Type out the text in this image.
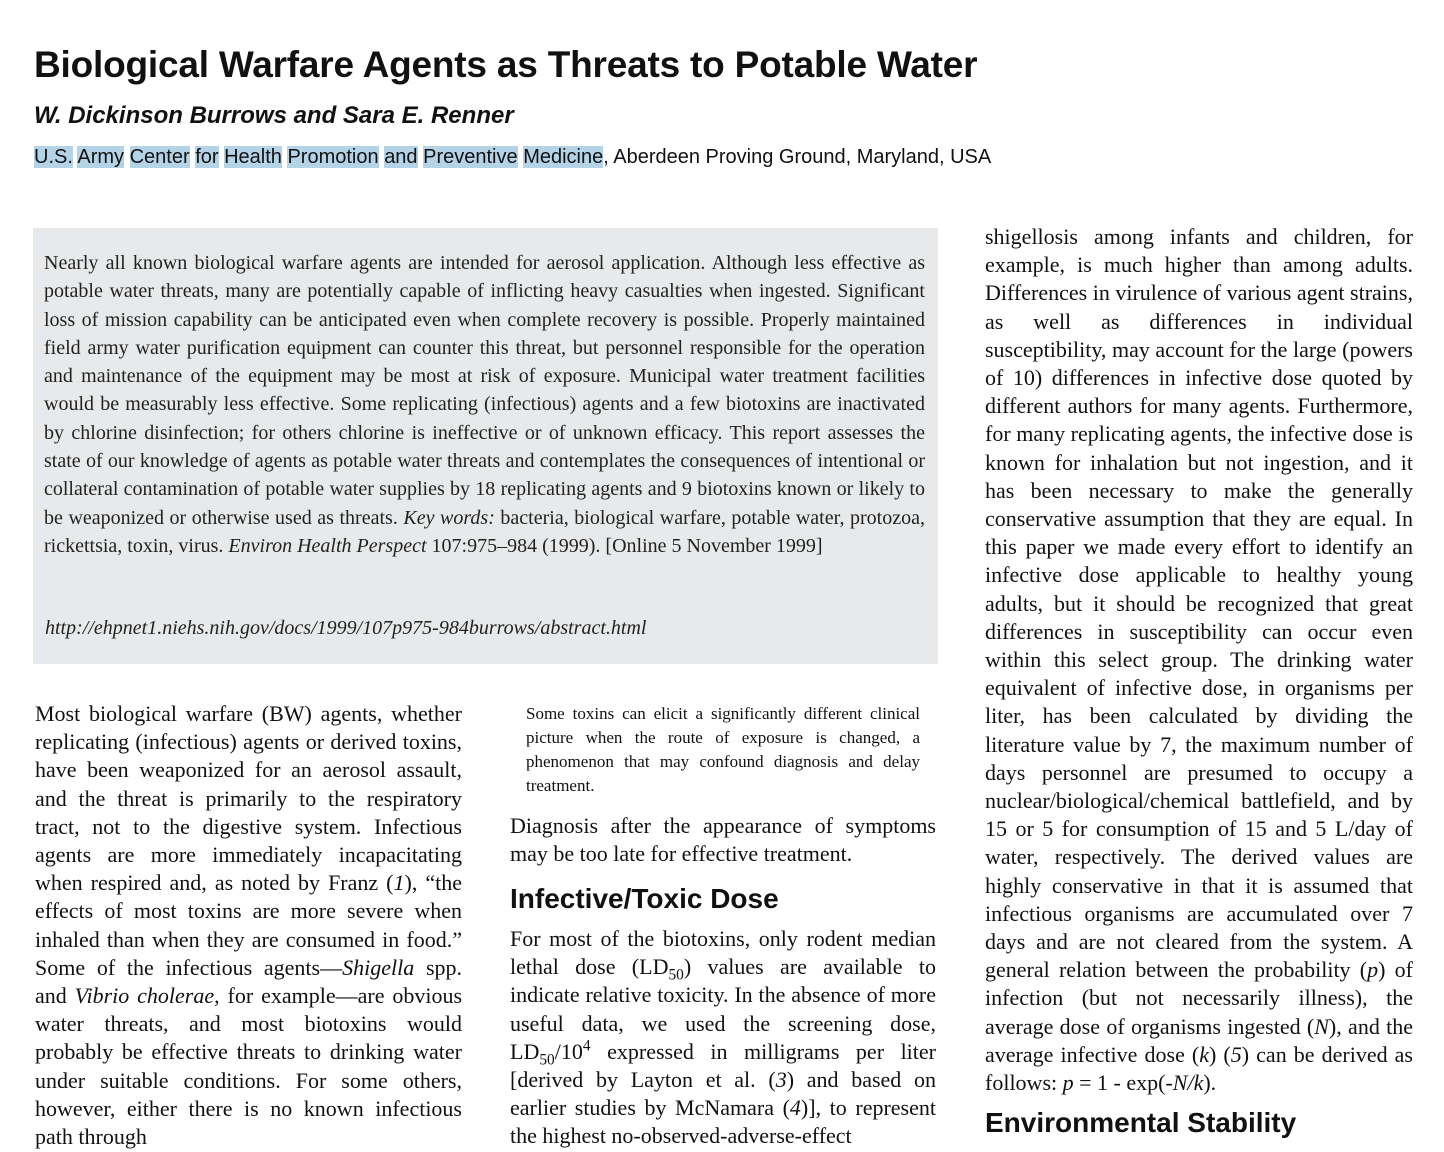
Biological Warfare Agents as Threats to Potable Water
W. Dickinson Burrows and Sara E. Renner
U.S. Army Center for Health Promotion and Preventive Medicine, Aberdeen Proving Ground, Maryland, USA
Nearly all known biological warfare agents are intended for aerosol application. Although less effective as potable water threats, many are potentially capable of inflicting heavy casualties when ingested. Significant loss of mission capability can be anticipated even when complete recovery is possible. Properly maintained field army water purification equipment can counter this threat, but personnel responsible for the operation and maintenance of the equipment may be most at risk of exposure. Municipal water treatment facilities would be measurably less effective. Some replicating (infectious) agents and a few biotoxins are inactivated by chlorine disinfection; for others chlorine is ineffective or of unknown efficacy. This report assesses the state of our knowledge of agents as potable water threats and contemplates the consequences of intentional or collateral contamination of potable water supplies by 18 replicating agents and 9 biotoxins known or likely to be weaponized or otherwise used as threats. Key words: bacteria, biological warfare, potable water, protozoa, rickettsia, toxin, virus. Environ Health Perspect 107:975–984 (1999). [Online 5 November 1999]
http://ehpnet1.niehs.nih.gov/docs/1999/107p975-984burrows/abstract.html
Most biological warfare (BW) agents, whether replicating (infectious) agents or derived toxins, have been weaponized for an aerosol assault, and the threat is primarily to the respiratory tract, not to the digestive system. Infectious agents are more immediately incapacitating when respired and, as noted by Franz (1), “the effects of most toxins are more severe when inhaled than when they are consumed in food.” Some of the infectious agents—Shigella spp. and Vibrio cholerae, for example—are obvious water threats, and most biotoxins would probably be effective threats to drinking water under suitable conditions. For some others, however, either there is no known infectious path through
Some toxins can elicit a significantly different clinical picture when the route of exposure is changed, a phenomenon that may confound diagnosis and delay treatment.
Diagnosis after the appearance of symptoms may be too late for effective treatment.
Infective/Toxic Dose
For most of the biotoxins, only rodent median lethal dose $(LD_{50})$ values are available to indicate relative toxicity. In the absence of more useful data, we used the screening dose, $LD_{50}/10^4$ expressed in milligrams per liter [derived by Layton et al. (3) and based on earlier studies by McNamara (4)], to represent the highest no-observed-adverse-effect
shigellosis among infants and children, for example, is much higher than among adults. Differences in virulence of various agent strains, as well as differences in individual susceptibility, may account for the large (powers of 10) differences in infective dose quoted by different authors for many agents. Furthermore, for many replicating agents, the infective dose is known for inhalation but not ingestion, and it has been necessary to make the generally conservative assumption that they are equal. In this paper we made every effort to identify an infective dose applicable to healthy young adults, but it should be recognized that great differences in susceptibility can occur even within this select group. The drinking water equivalent of infective dose, in organisms per liter, has been calculated by dividing the literature value by 7, the maximum number of days personnel are presumed to occupy a nuclear/biological/chemical battlefield, and by 15 or 5 for consumption of 15 and 5 L/day of water, respectively. The derived values are highly conservative in that it is assumed that infectious organisms are accumulated over 7 days and are not cleared from the system. A general relation between the probability (p) of infection (but not necessarily illness), the average dose of organisms ingested (N), and the average infective dose (k) (5) can be derived as follows: p = 1 - exp(-N/k).
Environmental Stability
